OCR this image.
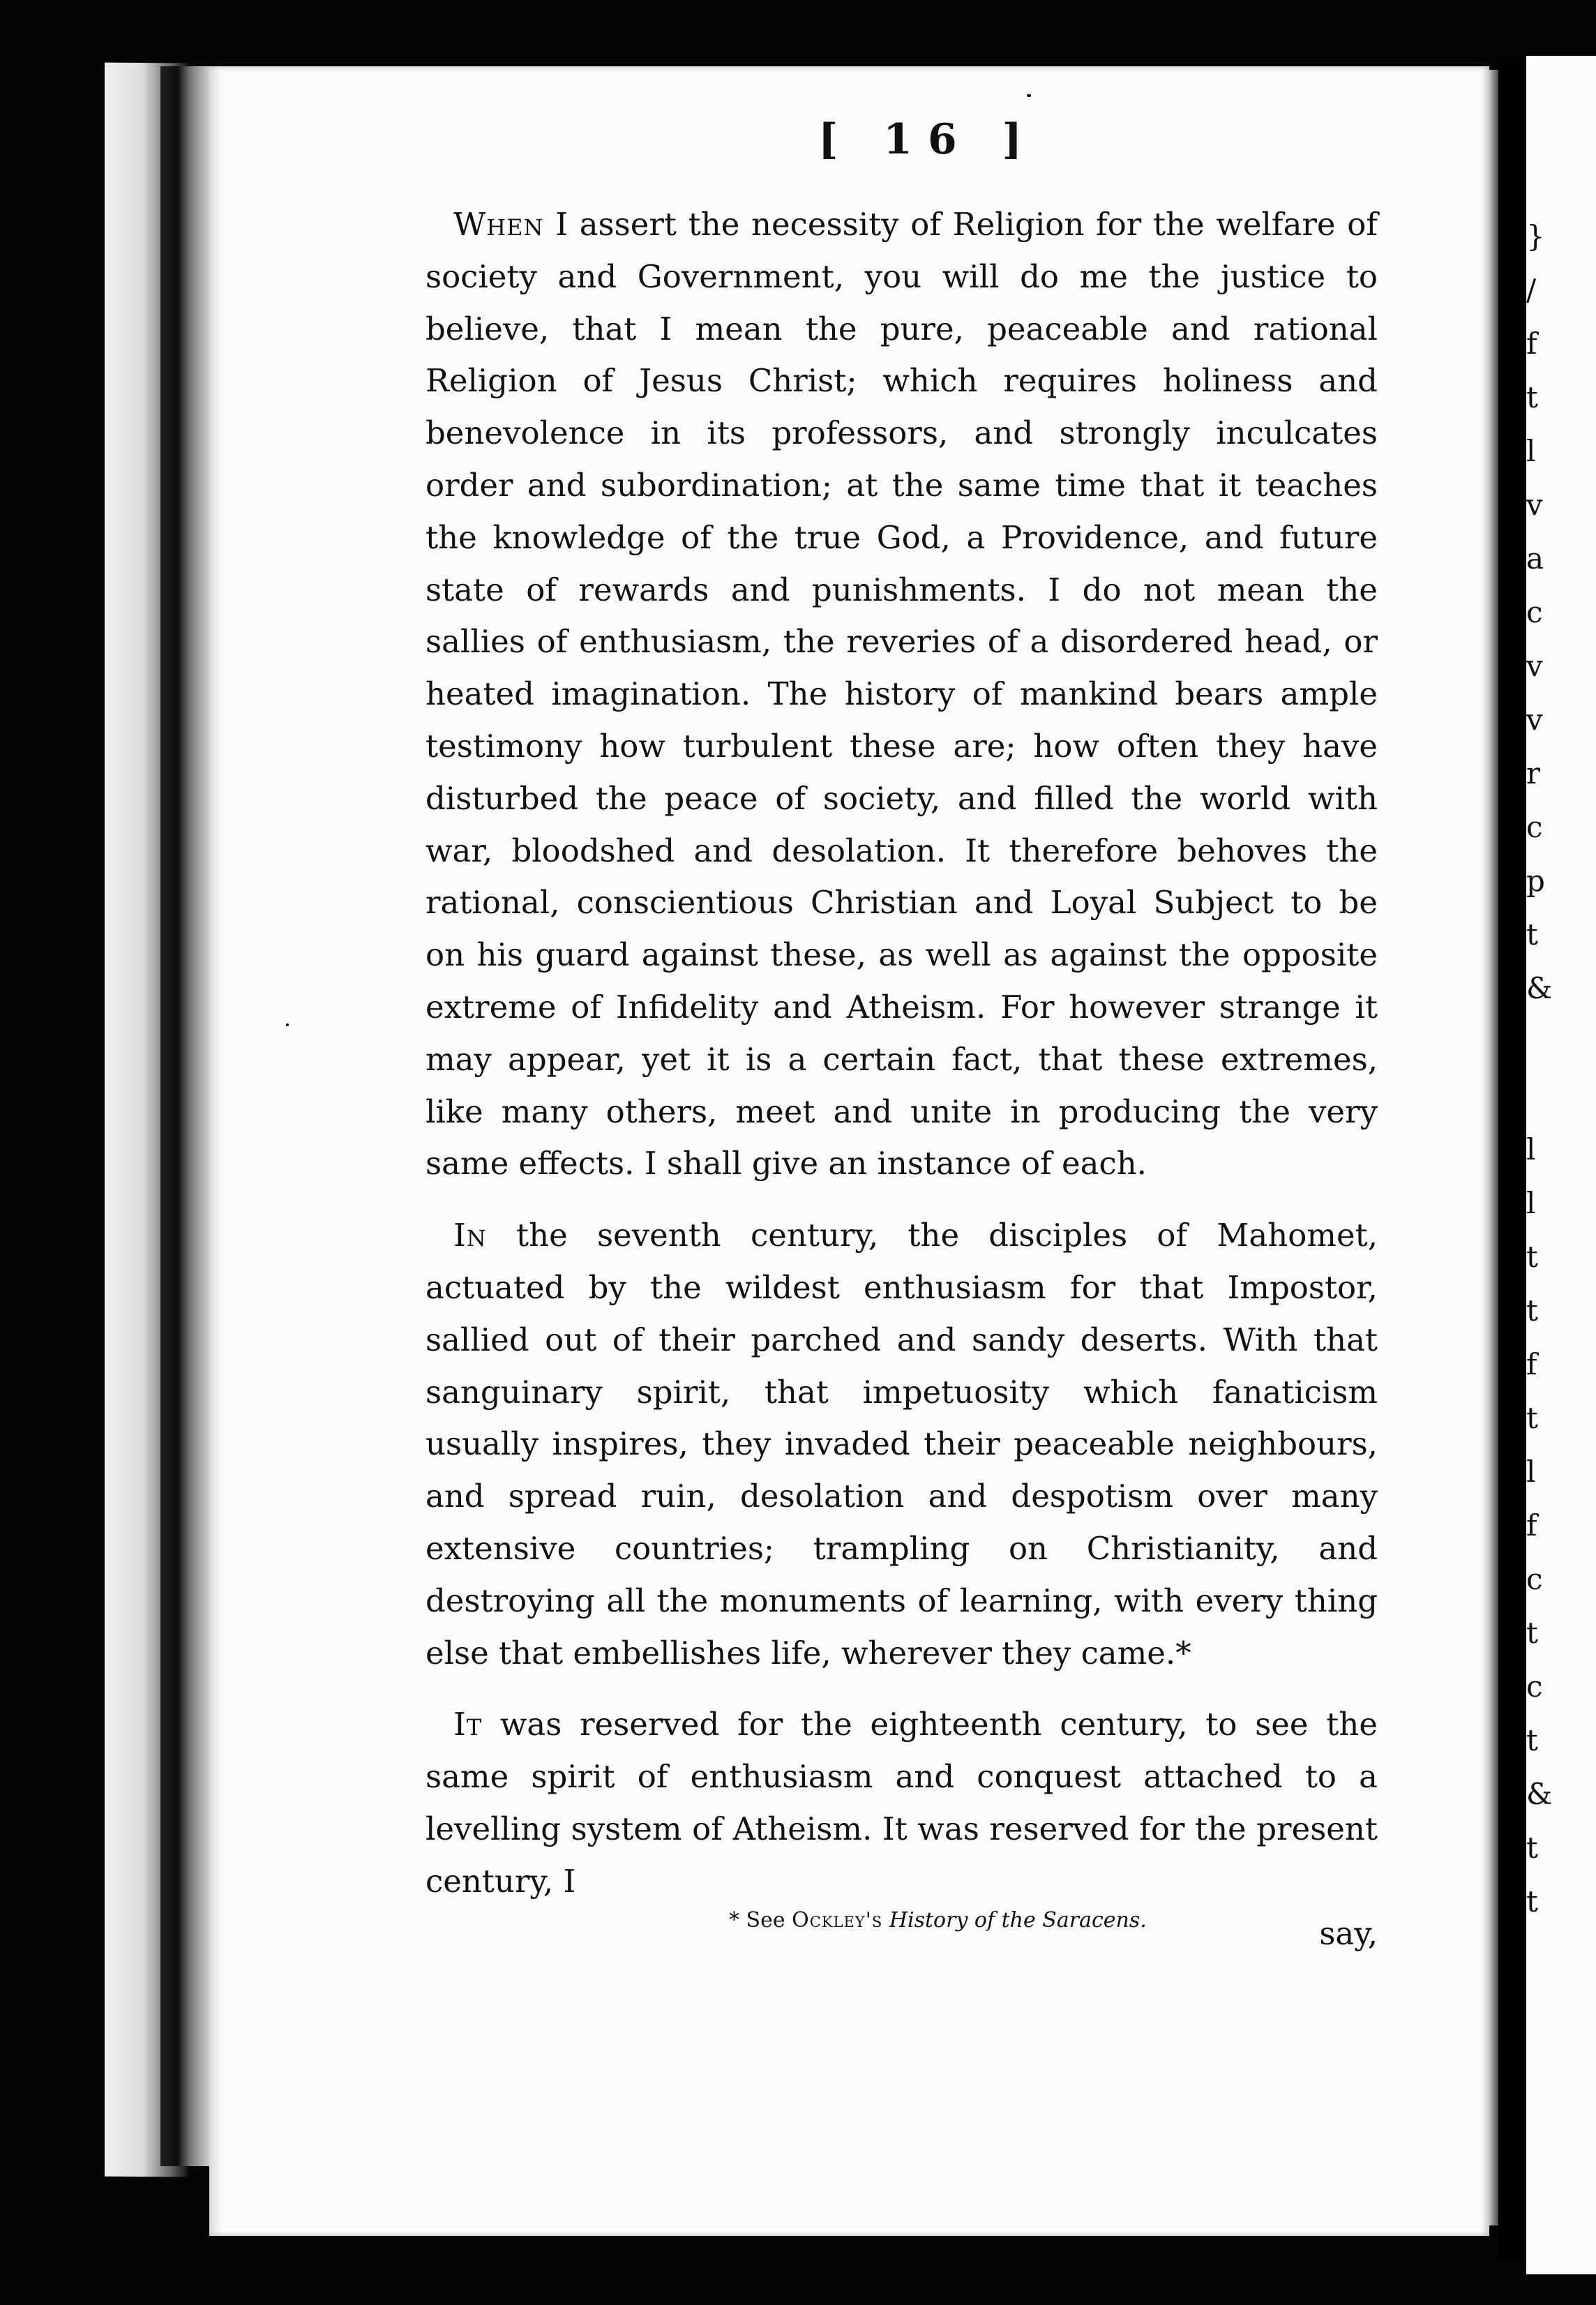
}
/
f
t
l
v
a
c
v
v
r
c
p
t
&

l
l
t
t
f
t
l
f
c
t
c
t
&
t
t
[ 16 ]

When I assert the necessity of Religion for the welfare of society and Government, you will do me the justice to believe, that I mean the pure, peaceable and rational Religion of Jesus Christ; which requires holiness and benevolence in its professors, and strongly inculcates order and subordination; at the same time that it teaches the knowledge of the true God, a Providence, and future state of rewards and punishments. I do not mean the sallies of enthusiasm, the reveries of a disordered head, or heated imagination. The history of mankind bears ample testimony how turbulent these are; how often they have disturbed the peace of society, and filled the world with war, bloodshed and desolation. It therefore behoves the rational, conscientious Christian and Loyal Subject to be on his guard against these, as well as against the opposite extreme of Infidelity and Atheism. For however strange it may appear, yet it is a certain fact, that these extremes, like many others, meet and unite in producing the very same effects. I shall give an instance of each.

In the seventh century, the disciples of Mahomet, actuated by the wildest enthusiasm for that Impostor, sallied out of their parched and sandy deserts. With that sanguinary spirit, that impetuosity which fanaticism usually inspires, they invaded their peaceable neighbours, and spread ruin, desolation and despotism over many extensive countries; trampling on Christianity, and destroying all the monuments of learning, with every thing else that embellishes life, wherever they came.*

It was reserved for the eighteenth century, to see the same spirit of enthusiasm and conquest attached to a levelling system of Atheism. It was reserved for the present century, I

say,

* See Ockley's History of the Saracens.
